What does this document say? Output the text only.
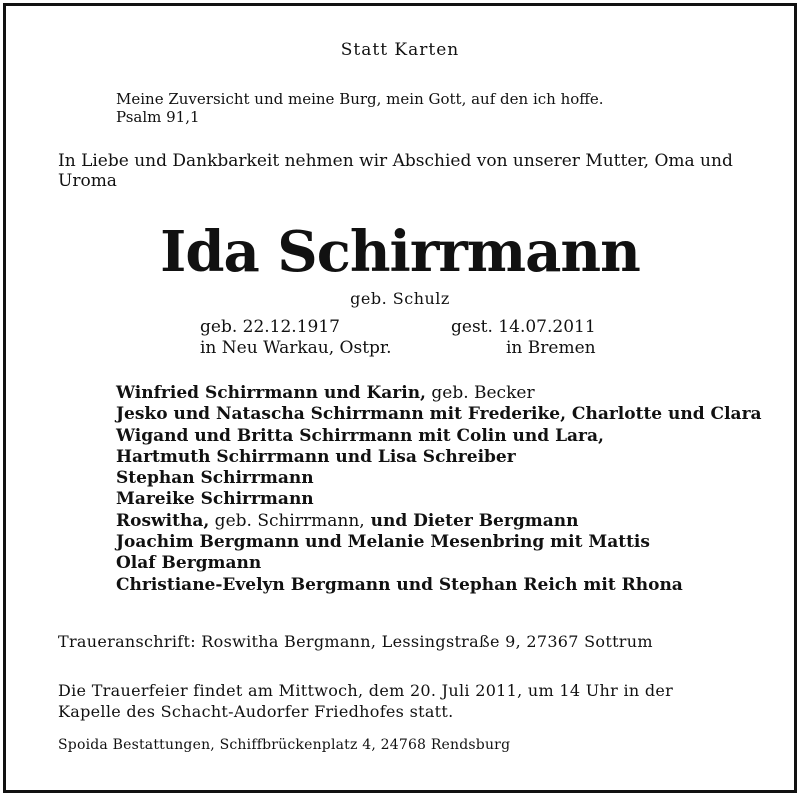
Statt Karten
Meine Zuversicht und meine Burg, mein Gott, auf den ich hoffe.
Psalm 91,1
In Liebe und Dankbarkeit nehmen wir Abschied von unserer Mutter, Oma und
Uroma
Ida Schirrmann
geb. Schulz
geb. 22.12.1917
in Neu Warkau, Ostpr.
gest. 14.07.2011
in Bremen
Winfried Schirrmann und Karin, geb. Becker
Jesko und Natascha Schirrmann mit Frederike, Charlotte und Clara
Wigand und Britta Schirrmann mit Colin und Lara,
Hartmuth Schirrmann und Lisa Schreiber
Stephan Schirrmann
Mareike Schirrmann
Roswitha, geb. Schirrmann, und Dieter Bergmann
Joachim Bergmann und Melanie Mesenbring mit Mattis
Olaf Bergmann
Christiane-Evelyn Bergmann und Stephan Reich mit Rhona
Traueranschrift: Roswitha Bergmann, Lessingstraße 9, 27367 Sottrum
Die Trauerfeier findet am Mittwoch, dem 20. Juli 2011, um 14 Uhr in der
Kapelle des Schacht-Audorfer Friedhofes statt.
Spoida Bestattungen, Schiffbrückenplatz 4, 24768 Rendsburg
